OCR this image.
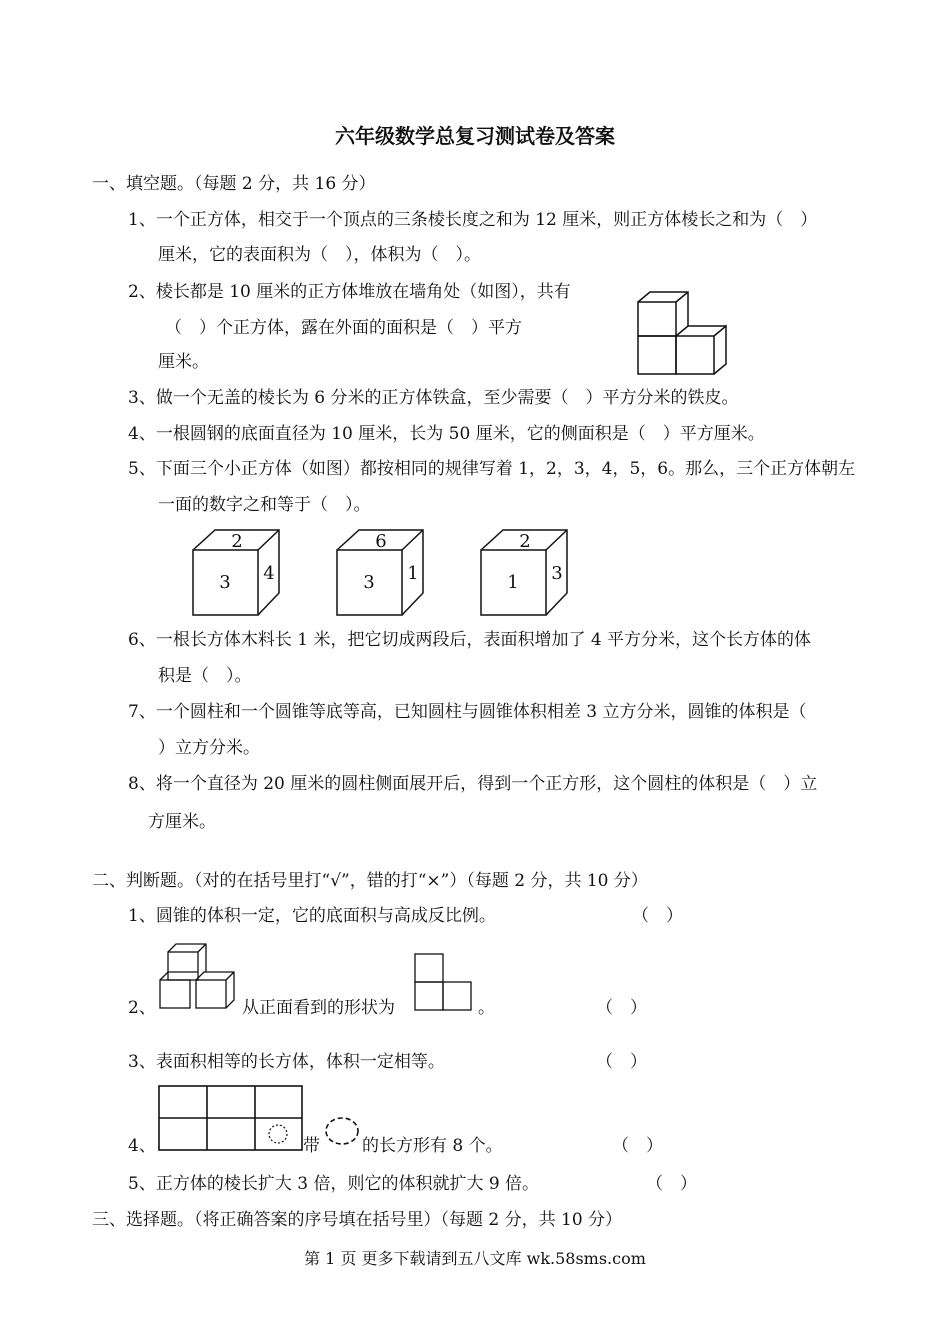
六年级数学总复习测试卷及答案
一、填空题。（每题 2 分，共 16 分）
1、一个正方体，相交于一个顶点的三条棱长度之和为 12 厘米，则正方体棱长之和为（　）
厘米，它的表面积为（　），体积为（　）。
2、棱长都是 10 厘米的正方体堆放在墙角处（如图），共有
（　）个正方体，露在外面的面积是（　）平方
厘米。
3、做一个无盖的棱长为 6 分米的正方体铁盒，至少需要（　）平方分米的铁皮。
4、一根圆钢的底面直径为 10 厘米，长为 50 厘米，它的侧面积是（　）平方厘米。
5、下面三个小正方体（如图）都按相同的规律写着 1，2，3，4，5，6。那么，三个正方体朝左
一面的数字之和等于（　）。
2
3 4
6
3 1
2
1 3
6、一根长方体木料长 1 米，把它切成两段后，表面积增加了 4 平方分米，这个长方体的体
积是（　）。
7、一个圆柱和一个圆锥等底等高，已知圆柱与圆锥体积相差 3 立方分米，圆锥的体积是（
）立方分米。
8、将一个直径为 20 厘米的圆柱侧面展开后，得到一个正方形，这个圆柱的体积是（　）立
方厘米。
二、判断题。（对的在括号里打“√”，错的打“×”）（每题 2 分，共 10 分）
1、圆锥的体积一定，它的底面积与高成反比例。	（　）
2、	从正面看到的形状为	。	（　）
3、表面积相等的长方体，体积一定相等。	（　）
4、	带 的长方形有 8 个。	（　）
5、正方体的棱长扩大 3 倍，则它的体积就扩大 9 倍。	（　）
三、选择题。（将正确答案的序号填在括号里）（每题 2 分，共 10 分）
第 1 页 更多下载请到五八文库 wk.58sms.com
